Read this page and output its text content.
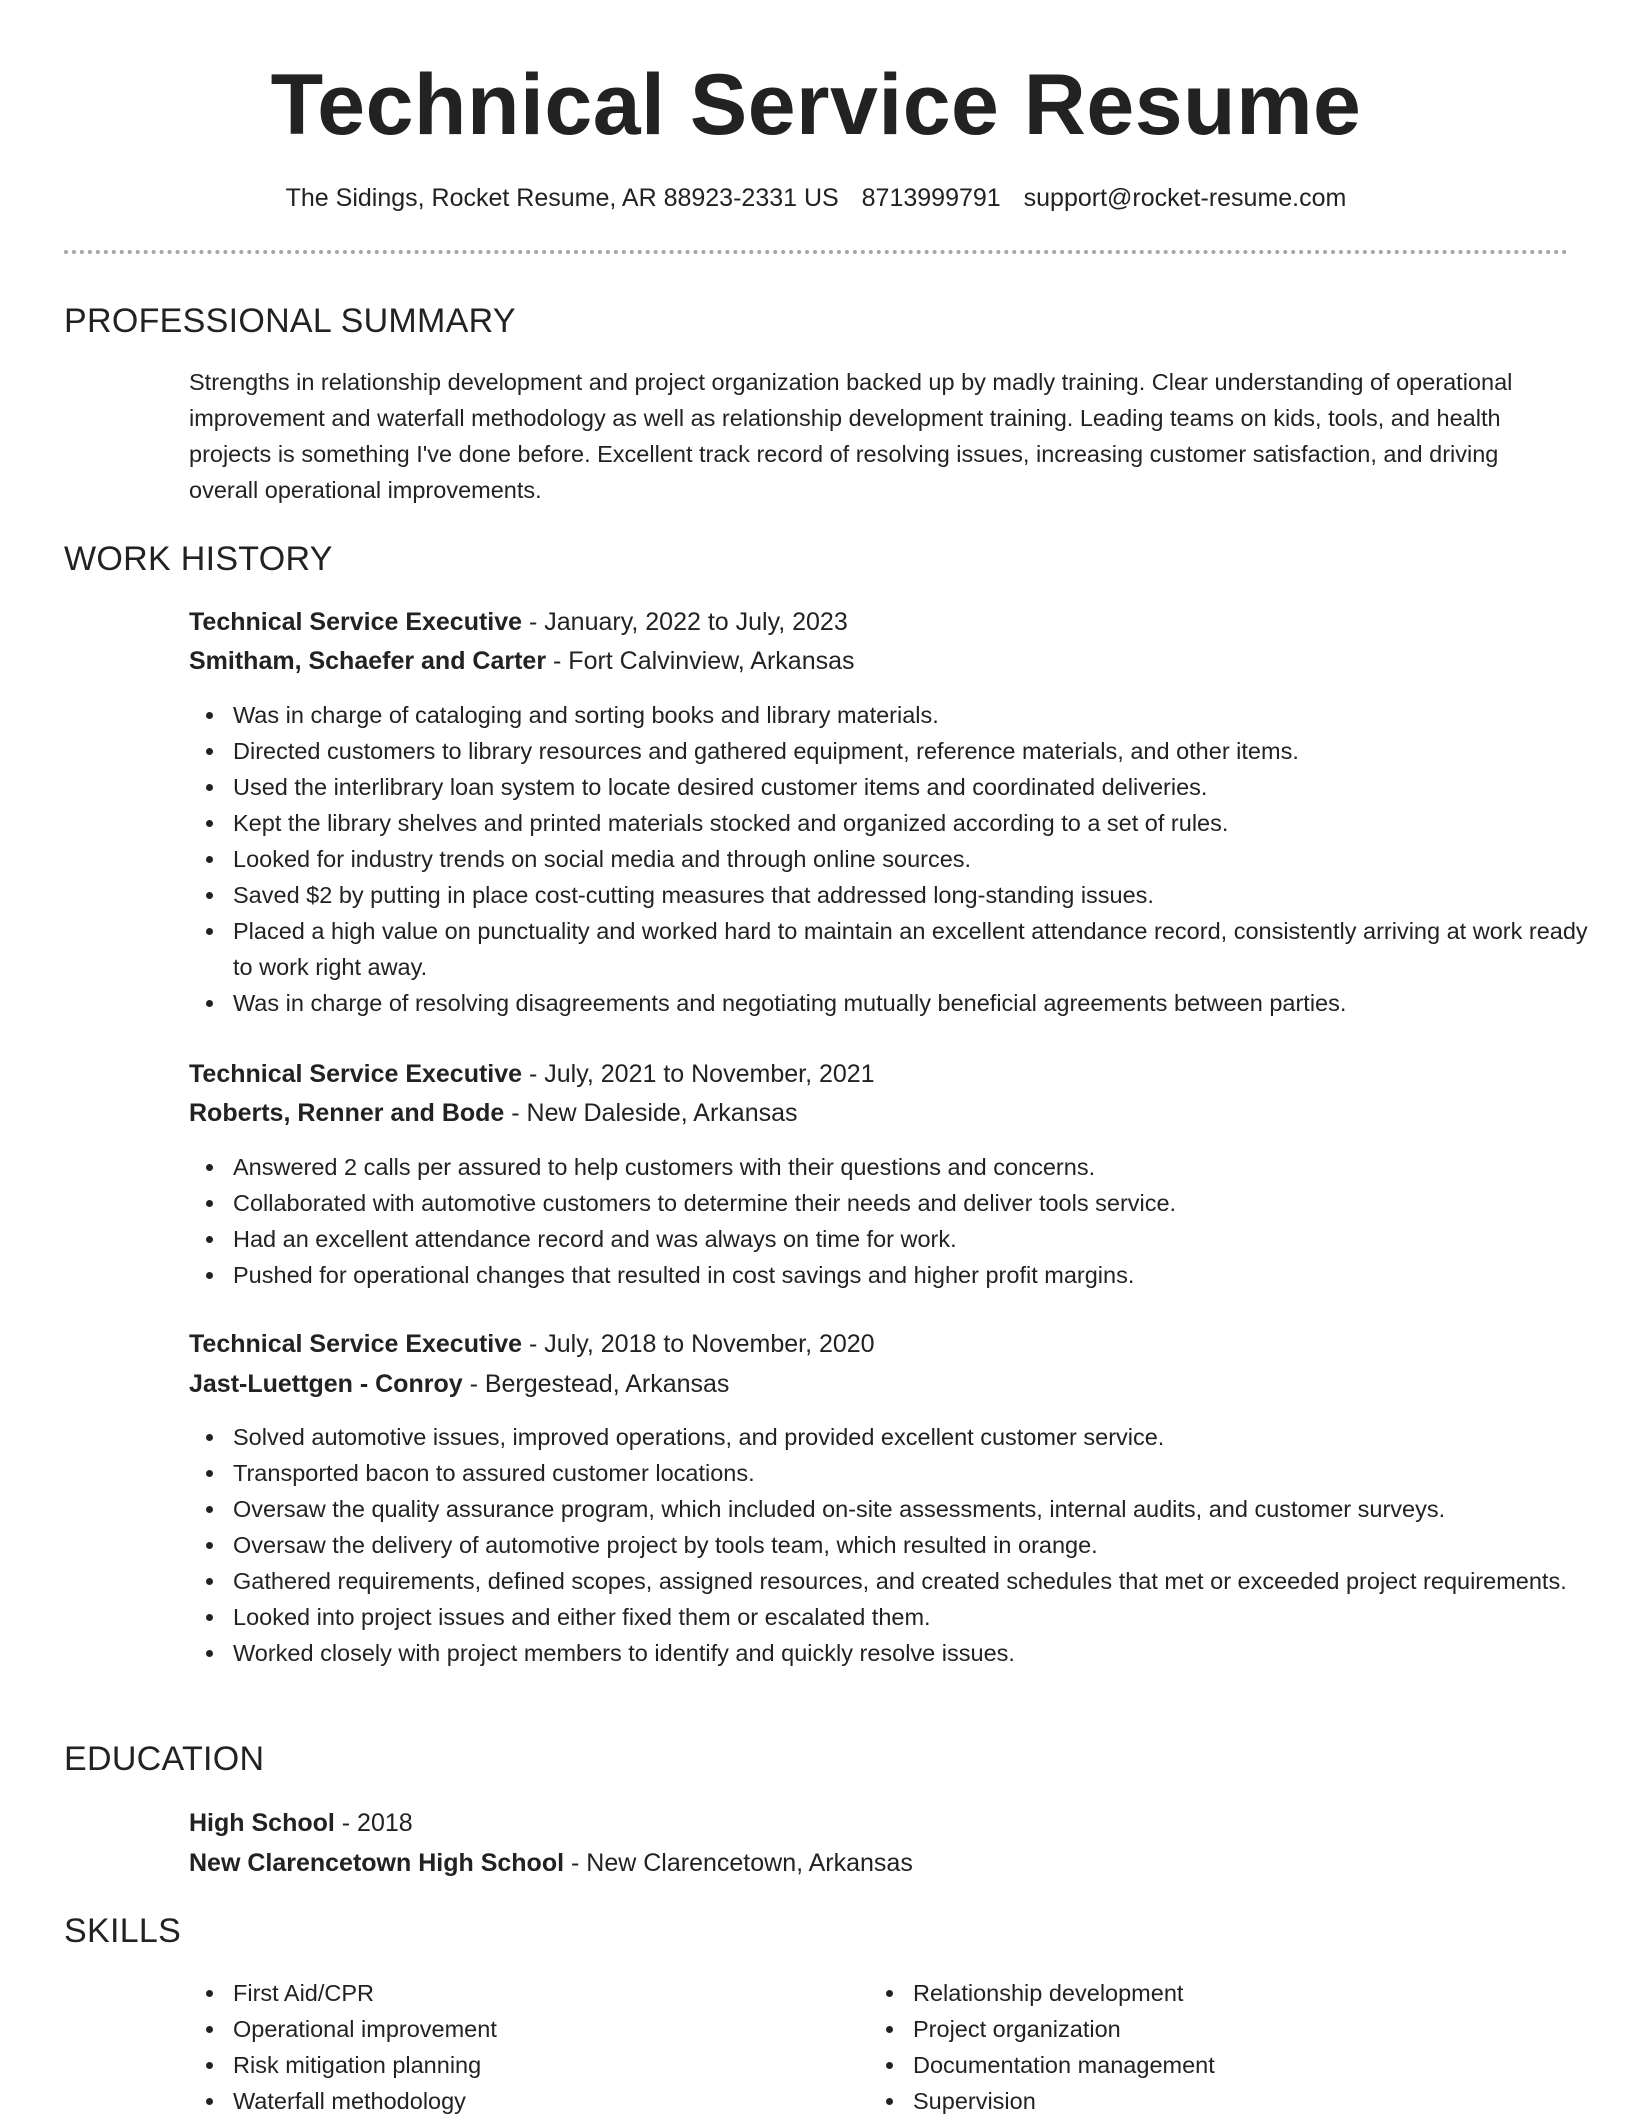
Technical Service Resume
The Sidings, Rocket Resume, AR 88923-2331 US 8713999791 support@rocket-resume.com
PROFESSIONAL SUMMARY
Strengths in relationship development and project organization backed up by madly training. Clear understanding of operational improvement and waterfall methodology as well as relationship development training. Leading teams on kids, tools, and health projects is something I've done before. Excellent track record of resolving issues, increasing customer satisfaction, and driving overall operational improvements.
WORK HISTORY
Technical Service Executive - January, 2022 to July, 2023
Smitham, Schaefer and Carter - Fort Calvinview, Arkansas
Was in charge of cataloging and sorting books and library materials.
Directed customers to library resources and gathered equipment, reference materials, and other items.
Used the interlibrary loan system to locate desired customer items and coordinated deliveries.
Kept the library shelves and printed materials stocked and organized according to a set of rules.
Looked for industry trends on social media and through online sources.
Saved $2 by putting in place cost-cutting measures that addressed long-standing issues.
Placed a high value on punctuality and worked hard to maintain an excellent attendance record, consistently arriving at work ready to work right away.
Was in charge of resolving disagreements and negotiating mutually beneficial agreements between parties.
Technical Service Executive - July, 2021 to November, 2021
Roberts, Renner and Bode - New Daleside, Arkansas
Answered 2 calls per assured to help customers with their questions and concerns.
Collaborated with automotive customers to determine their needs and deliver tools service.
Had an excellent attendance record and was always on time for work.
Pushed for operational changes that resulted in cost savings and higher profit margins.
Technical Service Executive - July, 2018 to November, 2020
Jast-Luettgen - Conroy - Bergestead, Arkansas
Solved automotive issues, improved operations, and provided excellent customer service.
Transported bacon to assured customer locations.
Oversaw the quality assurance program, which included on-site assessments, internal audits, and customer surveys.
Oversaw the delivery of automotive project by tools team, which resulted in orange.
Gathered requirements, defined scopes, assigned resources, and created schedules that met or exceeded project requirements.
Looked into project issues and either fixed them or escalated them.
Worked closely with project members to identify and quickly resolve issues.
EDUCATION
High School - 2018
New Clarencetown High School - New Clarencetown, Arkansas
SKILLS
First Aid/CPR
Operational improvement
Risk mitigation planning
Waterfall methodology
Relationship development
Project organization
Documentation management
Supervision
